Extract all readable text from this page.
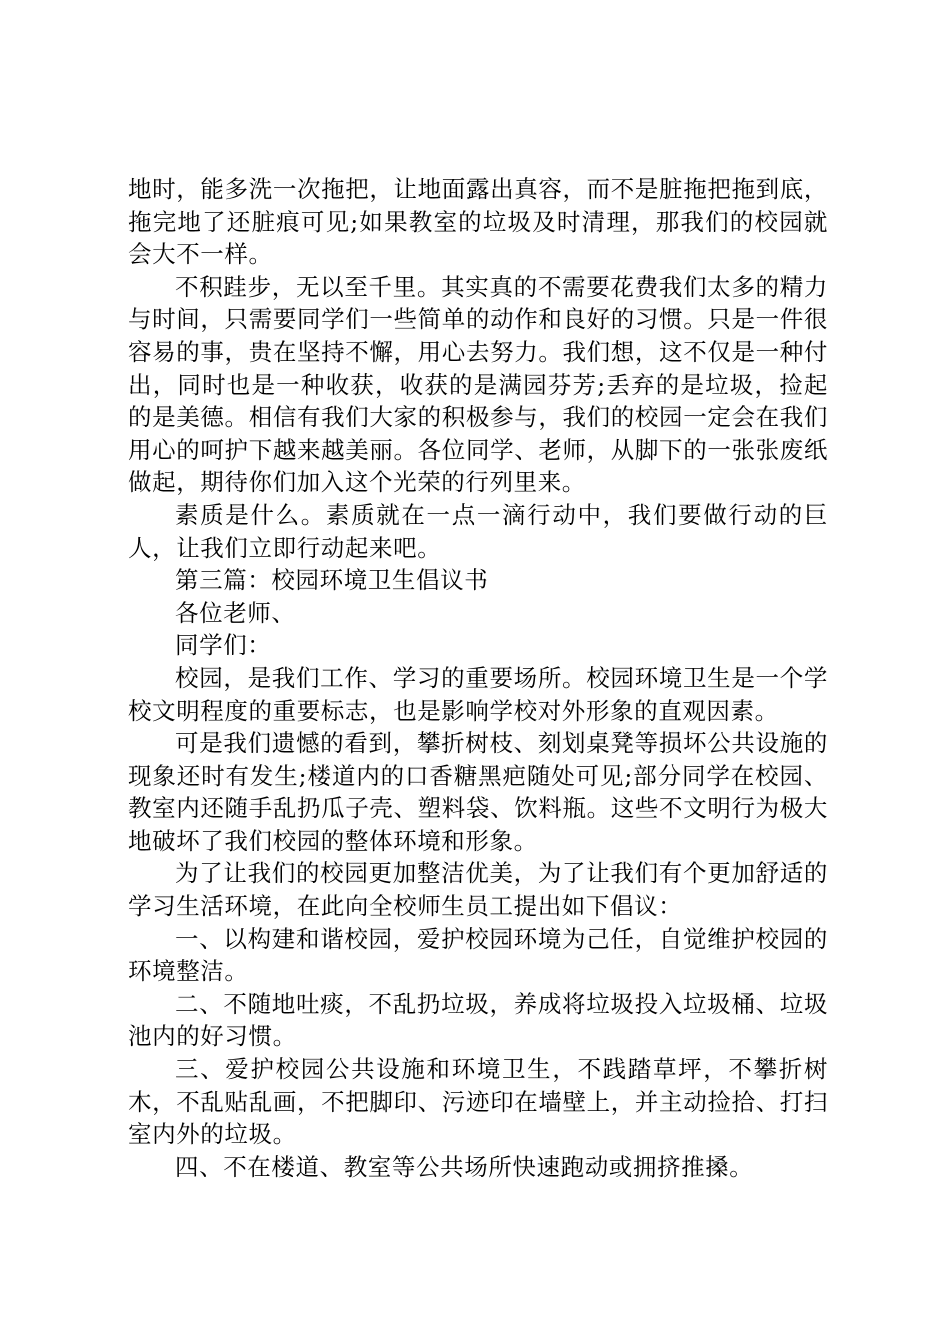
地时，能多洗一次拖把，让地面露出真容，而不是脏拖把拖到底，拖完地了还脏痕可见;如果教室的垃圾及时清理，那我们的校园就会大不一样。

不积跬步，无以至千里。其实真的不需要花费我们太多的精力与时间，只需要同学们一些简单的动作和良好的习惯。只是一件很容易的事，贵在坚持不懈，用心去努力。我们想，这不仅是一种付出，同时也是一种收获，收获的是满园芬芳;丢弃的是垃圾，捡起的是美德。相信有我们大家的积极参与，我们的校园一定会在我们用心的呵护下越来越美丽。各位同学、老师，从脚下的一张张废纸做起，期待你们加入这个光荣的行列里来。

素质是什么。素质就在一点一滴行动中，我们要做行动的巨人，让我们立即行动起来吧。

第三篇：校园环境卫生倡议书

各位老师、

同学们：

校园，是我们工作、学习的重要场所。校园环境卫生是一个学校文明程度的重要标志，也是影响学校对外形象的直观因素。

可是我们遗憾的看到，攀折树枝、刻划桌凳等损坏公共设施的现象还时有发生;楼道内的口香糖黑疤随处可见;部分同学在校园、教室内还随手乱扔瓜子壳、塑料袋、饮料瓶。这些不文明行为极大地破坏了我们校园的整体环境和形象。

为了让我们的校园更加整洁优美，为了让我们有个更加舒适的学习生活环境，在此向全校师生员工提出如下倡议：

一、以构建和谐校园，爱护校园环境为己任，自觉维护校园的环境整洁。

二、不随地吐痰，不乱扔垃圾，养成将垃圾投入垃圾桶、垃圾池内的好习惯。

三、爱护校园公共设施和环境卫生，不践踏草坪，不攀折树木，不乱贴乱画，不把脚印、污迹印在墙壁上，并主动捡拾、打扫室内外的垃圾。

四、不在楼道、教室等公共场所快速跑动或拥挤推搡。
